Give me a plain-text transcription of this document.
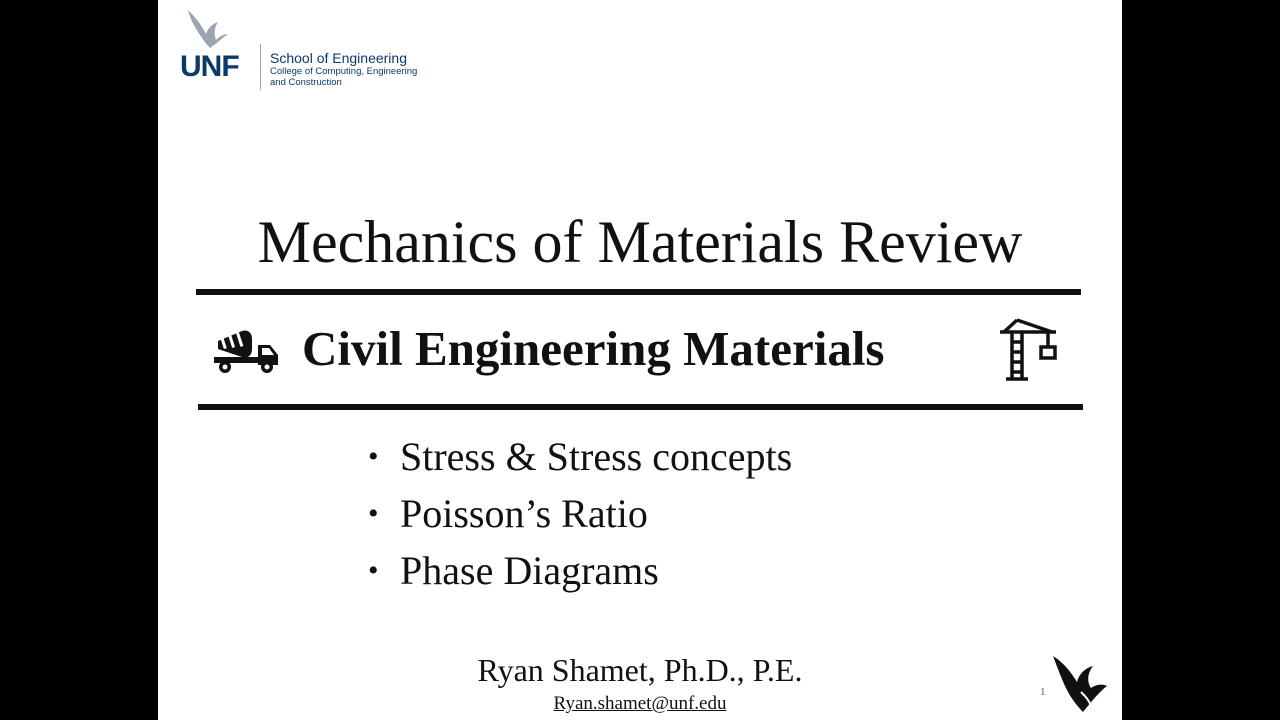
UNF School of Engineering
College of Computing, Engineering and Construction
Mechanics of Materials Review
Civil Engineering Materials
• Stress & Stress concepts
• Poisson’s Ratio
• Phase Diagrams
Ryan Shamet, Ph.D., P.E.
Ryan.shamet@unf.edu
1
